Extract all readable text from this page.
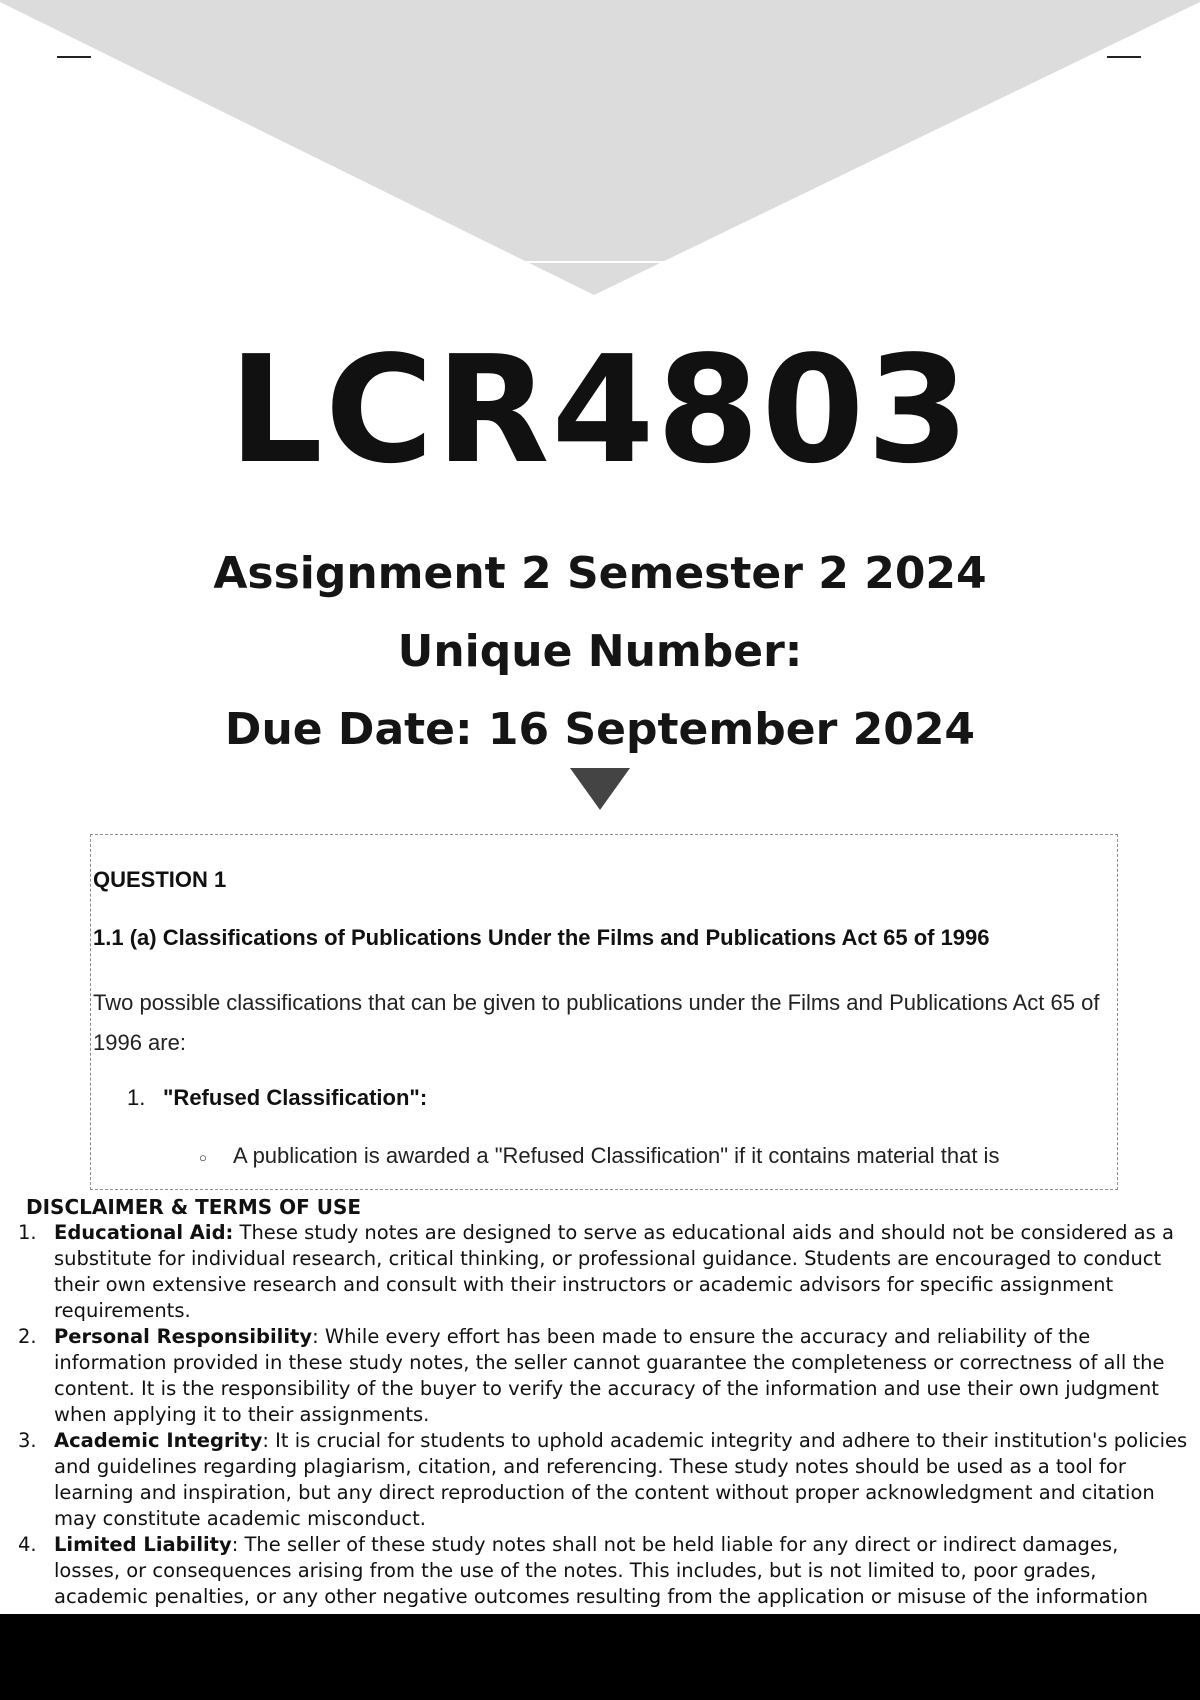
LCR4803
Assignment 2 Semester 2 2024
Unique Number:
Due Date: 16 September 2024
QUESTION 1
1.1 (a) Classifications of Publications Under the Films and Publications Act 65 of 1996
Two possible classifications that can be given to publications under the Films and Publications Act 65 of 1996 are:
1. "Refused Classification":
○ A publication is awarded a "Refused Classification" if it contains material that is
DISCLAIMER & TERMS OF USE
1. Educational Aid: These study notes are designed to serve as educational aids and should not be considered as a substitute for individual research, critical thinking, or professional guidance. Students are encouraged to conduct their own extensive research and consult with their instructors or academic advisors for specific assignment requirements.
2. Personal Responsibility: While every effort has been made to ensure the accuracy and reliability of the information provided in these study notes, the seller cannot guarantee the completeness or correctness of all the content. It is the responsibility of the buyer to verify the accuracy of the information and use their own judgment when applying it to their assignments.
3. Academic Integrity: It is crucial for students to uphold academic integrity and adhere to their institution's policies and guidelines regarding plagiarism, citation, and referencing. These study notes should be used as a tool for learning and inspiration, but any direct reproduction of the content without proper acknowledgment and citation may constitute academic misconduct.
4. Limited Liability: The seller of these study notes shall not be held liable for any direct or indirect damages, losses, or consequences arising from the use of the notes. This includes, but is not limited to, poor grades, academic penalties, or any other negative outcomes resulting from the application or misuse of the information
